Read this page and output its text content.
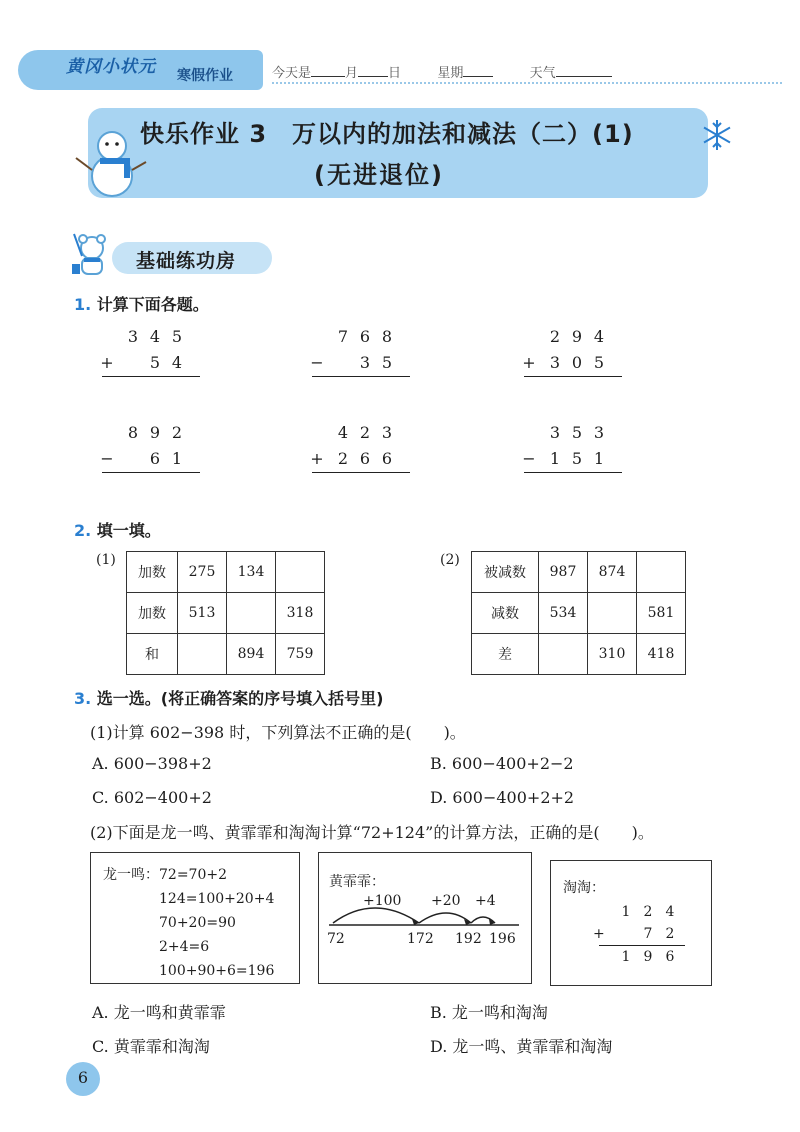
黄冈小状元 寒假作业	今天是	月 日	星期	天气
快乐作业 3　万以内的加法和减法（二）(1)
(无进退位)
基础练功房
1. 计算下面各题。
3 4 5
+ 5 4
7 6 8
− 3 5
2 9 4
+ 3 0 5
8 9 2
− 6 1
4 2 3
+ 2 6 6
3 5 3
− 1 5 1
2. 填一填。
(1)
加数	275	134	
加数	513		318
和		894	759
(2)
被减数	987	874	
减数	534		581
差		310	418
3. 选一选。(将正确答案的序号填入括号里)
(1)计算 602−398 时，下列算法不正确的是(　　)。
A. 600−398+2	B. 600−400+2−2
C. 602−400+2	D. 600−400+2+2
(2)下面是龙一鸣、黄霏霏和淘淘计算“72+124”的计算方法，正确的是(　　)。
龙一鸣：72=70+2
124=100+20+4
70+20=90
2+4=6
100+90+6=196
黄霏霏：
+100 +20 +4
72	172 192 196
淘淘：
1 2 4
+	7 2
1 9 6
A. 龙一鸣和黄霏霏	B. 龙一鸣和淘淘
C. 黄霏霏和淘淘	D. 龙一鸣、黄霏霏和淘淘
6
